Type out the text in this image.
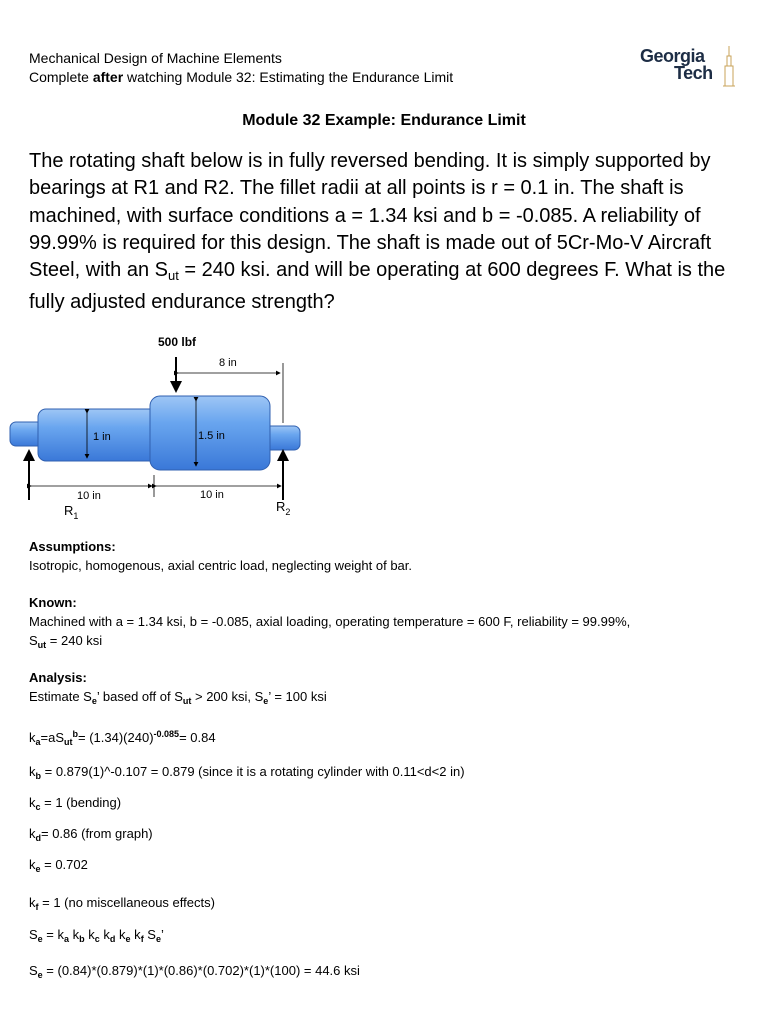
Mechanical Design of Machine Elements
Complete after watching Module 32: Estimating the Endurance Limit
Georgia
Tech
Module 32 Example: Endurance Limit
The rotating shaft below is in fully reversed bending. It is simply supported by bearings at R1 and R2. The fillet radii at all points is r = 0.1 in. The shaft is machined, with surface conditions a = 1.34 ksi and b = -0.085. A reliability of 99.99% is required for this design. The shaft is made out of 5Cr-Mo-V Aircraft Steel, with an $S_{ut} = 240$ ksi. and will be operating at 600 degrees F. What is the fully adjusted endurance strength?
500 lbf
8 in
1 in	1.5 in
10 in	10 in
$R_1$
$R_2$
Assumptions:
Isotropic, homogenous, axial centric load, neglecting weight of bar.
Known:
Machined with a = 1.34 ksi, b = -0.085, axial loading, operating temperature = 600 F, reliability = 99.99%,
$S_{ut} = 240$ ksi
Analysis:
Estimate $S_e$’ based off of $S_{ut} > 200$ ksi, $S_e$’ = 100 ksi
$k_a=aS_{ut}^b= (1.34)(240)^{-0.085}= 0.84$
$k_b$ = 0.879(1)^-0.107 = 0.879 (since it is a rotating cylinder with 0.11<d<2 in)
$k_c = 1$ (bending)
$k_d= 0.86$ (from graph)
$k_e = 0.702$
$k_f = 1$ (no miscellaneous effects)
$S_e = k_a$ $k_b$ $k_c$ $k_d$ $k_e$ $k_f$ $S_e$’
$S_e = (0.84)*(0.879)*(1)*(0.86)*(0.702)*(1)*(100) = 44.6$ ksi
